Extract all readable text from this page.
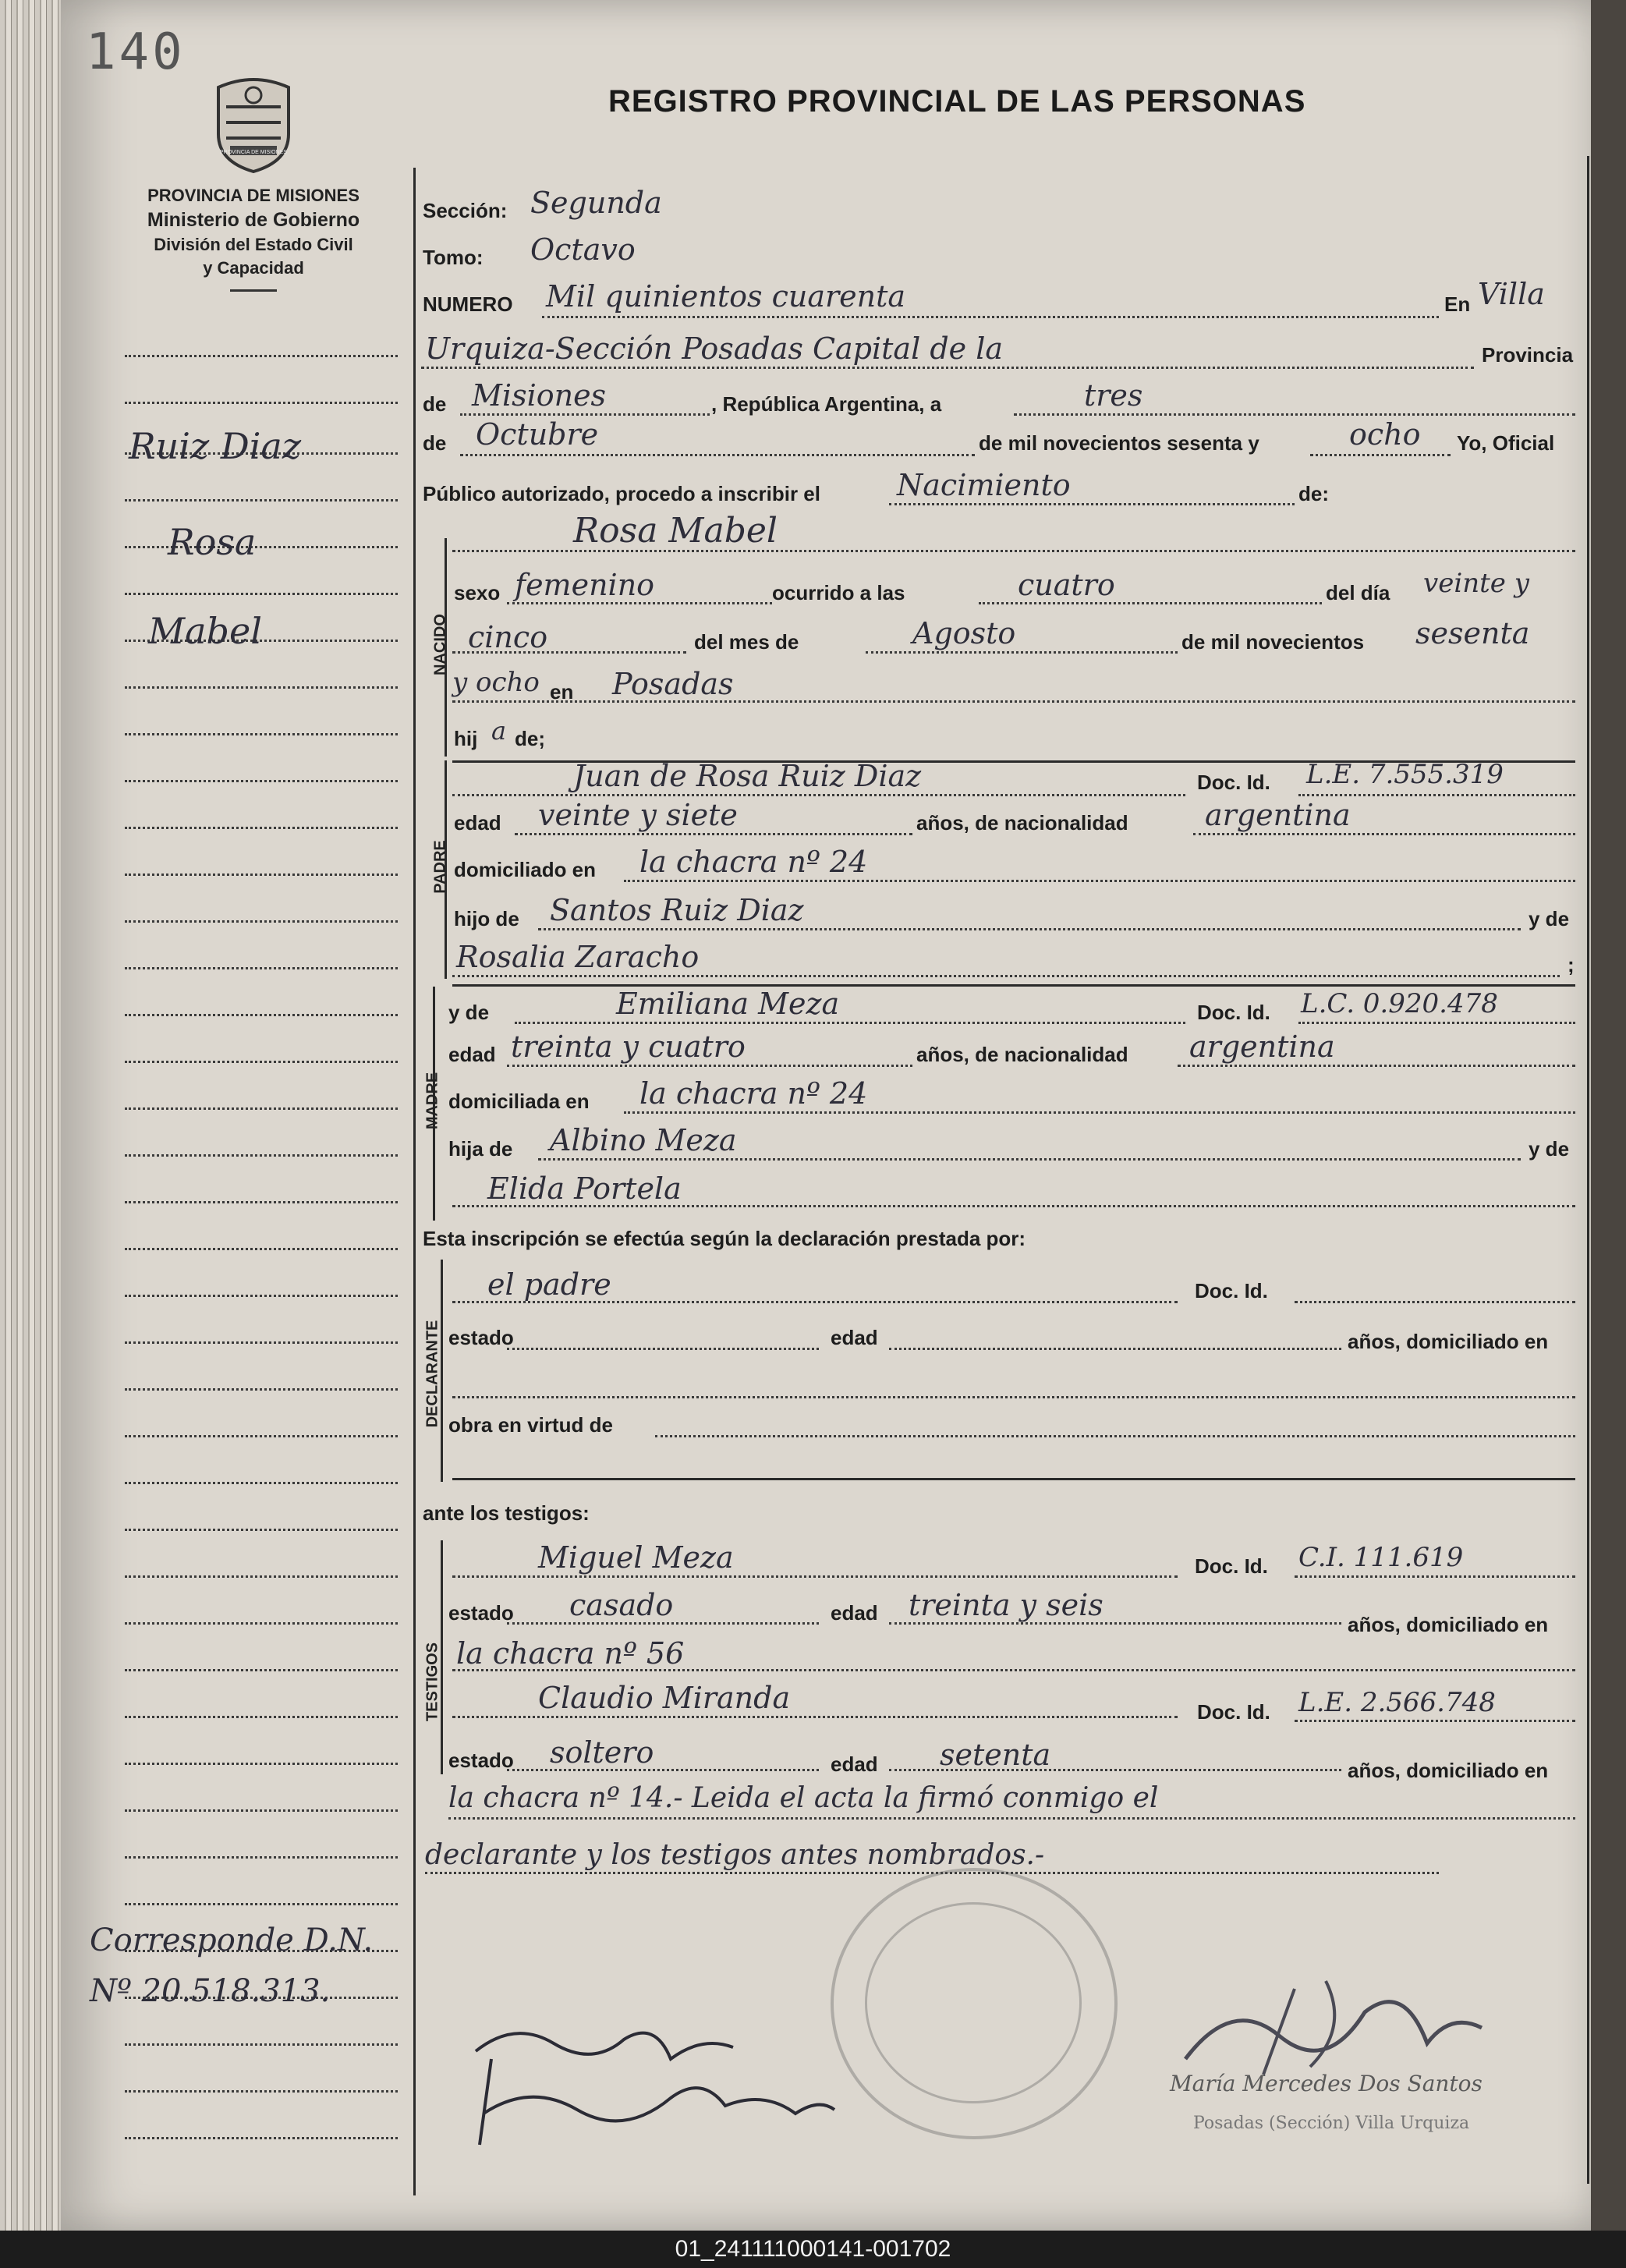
140
PROVINCIA DE MISIONES
PROVINCIA DE MISIONES
Ministerio de Gobierno
División del Estado Civil
y Capacidad
REGISTRO PROVINCIAL DE LAS PERSONAS
Ruiz Diaz
Rosa
Mabel
Corresponde D.N.
Nº 20.518.313.
Sección: Segunda
Tomo: Octavo
NUMERO Mil quinientos cuarenta	En Villa
Urquiza-Sección Posadas Capital de la	Provincia
de Misiones	, República Argentina, a	tres
de Octubre	de mil novecientos sesenta y	ocho Yo, Oficial
Público autorizado, procedo a inscribir el	Nacimiento	de:
NACIDO
Rosa Mabel
sexo femenino	ocurrido a las	cuatro	del día veinte y
cinco	del mes de	Agosto	de mil novecientos sesenta
y ocho en Posadas
hij a de;
PADRE
Juan de Rosa Ruiz Diaz	Doc. Id. L.E. 7.555.319
edad veinte y siete	años, de nacionalidad	argentina
domiciliado en la chacra nº 24
hijo de Santos Ruiz Diaz	y de
Rosalia Zaracho	;
MADRE
y de	Emiliana Meza	Doc. Id. L.C. 0.920.478
edad treinta y cuatro	años, de nacionalidad argentina
domiciliada en la chacra nº 24
hija de Albino Meza	y de
Elida Portela
Esta inscripción se efectúa según la declaración prestada por:
DECLARANTE
el padre	Doc. Id.
estado	edad	años, domiciliado en
obra en virtud de
ante los testigos:
TESTIGOS
Miguel Meza	Doc. Id. C.I. 111.619
estado casado	edad treinta y seis
años, domiciliado en
la chacra nº 56
Claudio Miranda	Doc. Id. L.E. 2.566.748
estado soltero	edad setenta	años, domiciliado en
la chacra nº 14.- Leida el acta la firmó conmigo el
declarante y los testigos antes nombrados.-
María Mercedes Dos Santos
Posadas (Sección) Villa Urquiza
01_241111000141-001702
